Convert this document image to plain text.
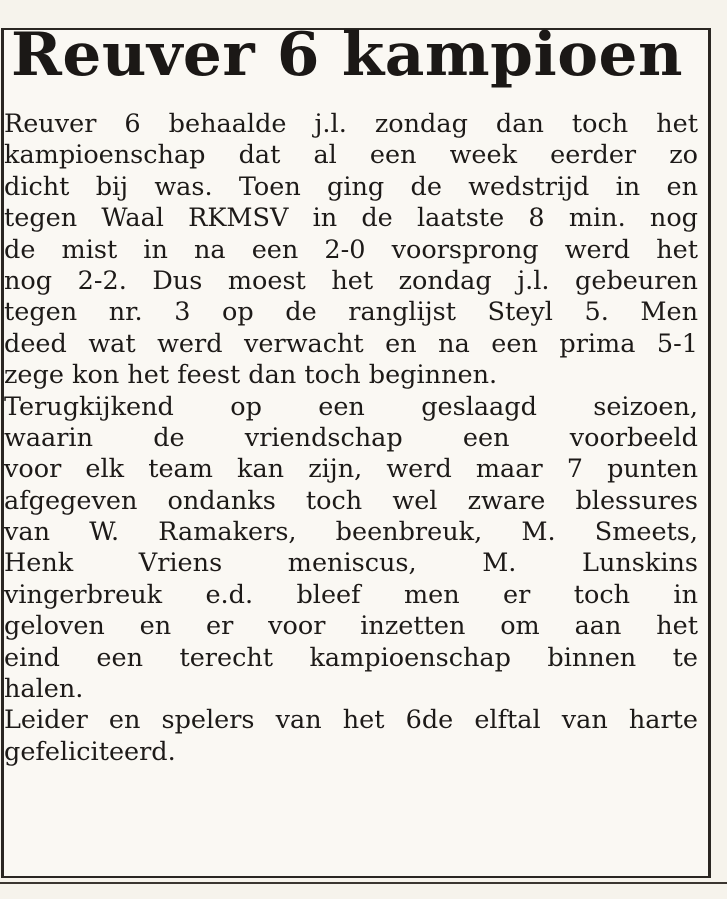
Reuver 6 kampioen
Reuver 6 behaalde j.l. zondag dan toch het
kampioenschap dat al een week eerder zo
dicht bij was. Toen ging de wedstrijd in en
tegen Waal RKMSV in de laatste 8 min. nog
de mist in na een 2-0 voorsprong werd het
nog 2-2. Dus moest het zondag j.l. gebeuren
tegen nr. 3 op de ranglijst Steyl 5. Men
deed wat werd verwacht en na een prima 5-1
zege kon het feest dan toch beginnen.
Terugkijkend op een geslaagd seizoen,
waarin de vriendschap een voorbeeld
voor elk team kan zijn, werd maar 7 punten
afgegeven ondanks toch wel zware blessures
van W. Ramakers, beenbreuk, M. Smeets,
Henk Vriens meniscus, M. Lunskins
vingerbreuk e.d. bleef men er toch in
geloven en er voor inzetten om aan het
eind een terecht kampioenschap binnen te
halen.
Leider en spelers van het 6de elftal van harte
gefeliciteerd.
